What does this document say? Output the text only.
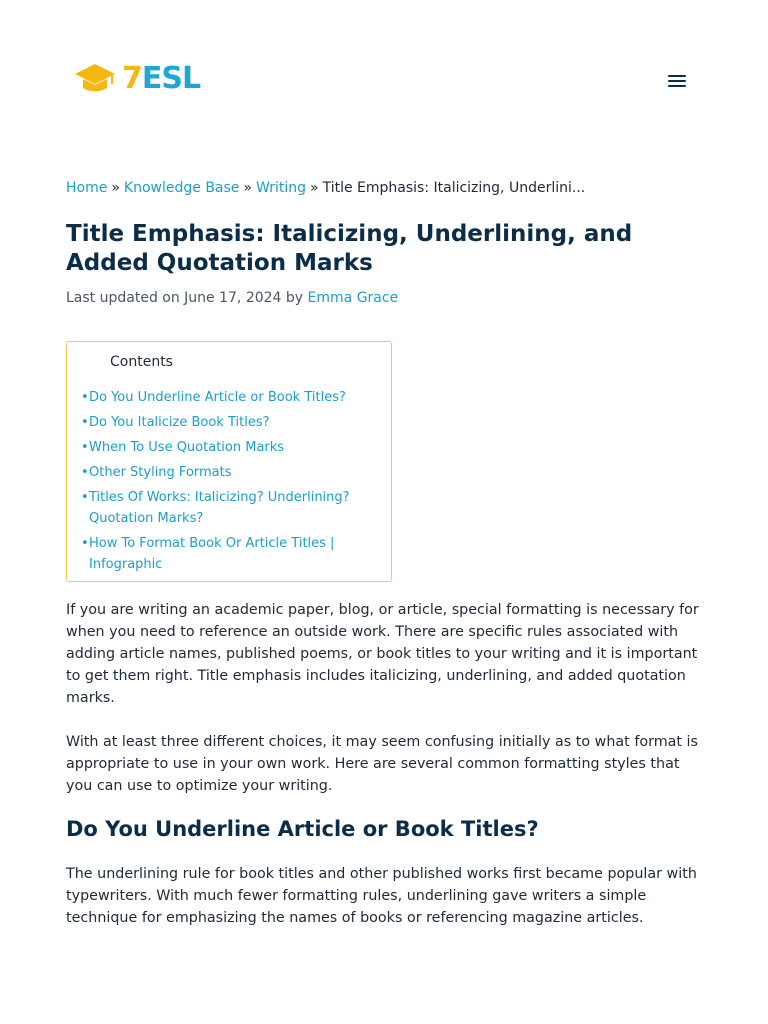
7ESL
Home » Knowledge Base » Writing » Title Emphasis: Italicizing, Underlini...
Title Emphasis: Italicizing, Underlining, and Added Quotation Marks
Last updated on June 17, 2024 by Emma Grace
Contents
• Do You Underline Article or Book Titles?
• Do You Italicize Book Titles?
• When To Use Quotation Marks
• Other Styling Formats
• Titles Of Works: Italicizing? Underlining? Quotation Marks?
• How To Format Book Or Article Titles | Infographic

If you are writing an academic paper, blog, or article, special formatting is necessary for when you need to reference an outside work. There are specific rules associated with adding article names, published poems, or book titles to your writing and it is important to get them right. Title emphasis includes italicizing, underlining, and added quotation marks.

With at least three different choices, it may seem confusing initially as to what format is appropriate to use in your own work. Here are several common formatting styles that you can use to optimize your writing.

Do You Underline Article or Book Titles?

The underlining rule for book titles and other published works first became popular with typewriters. With much fewer formatting rules, underlining gave writers a simple technique for emphasizing the names of books or referencing magazine articles.
